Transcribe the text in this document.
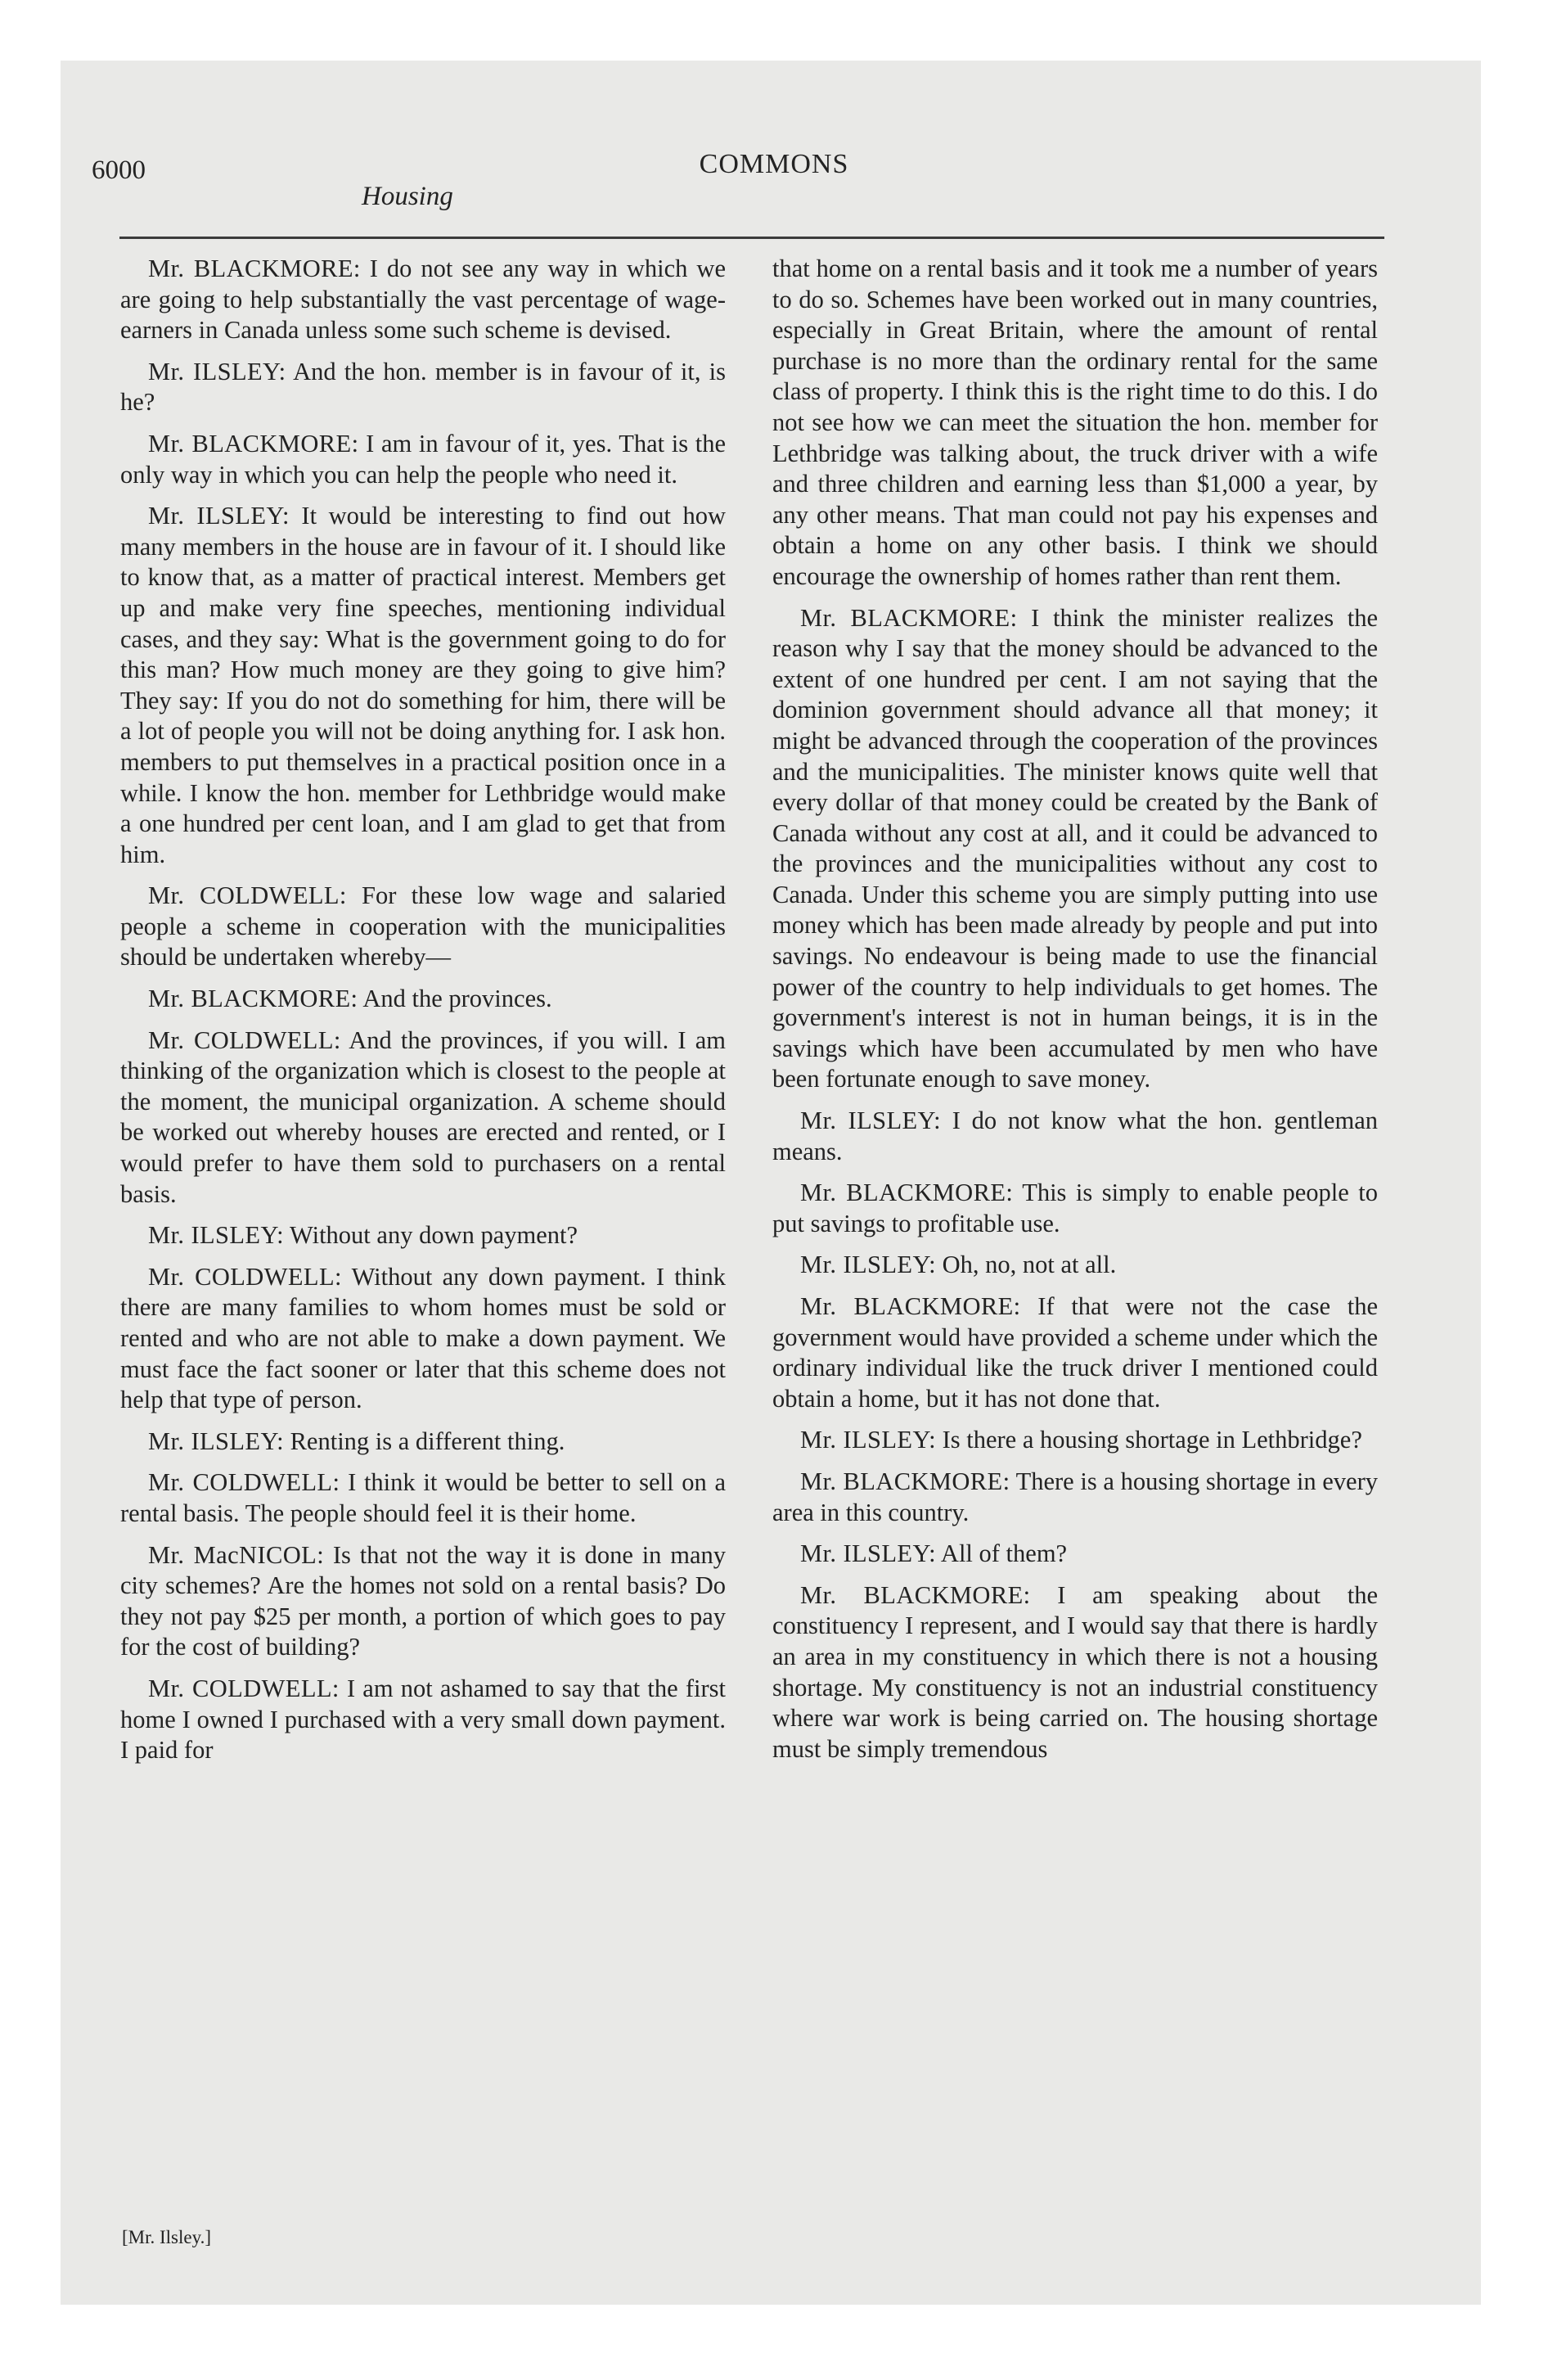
6000	COMMONS
Housing

Mr. BLACKMORE: I do not see any way in which we are going to help substantially the vast percentage of wage-earners in Canada unless some such scheme is devised.

Mr. ILSLEY: And the hon. member is in favour of it, is he?

Mr. BLACKMORE: I am in favour of it, yes. That is the only way in which you can help the people who need it.

Mr. ILSLEY: It would be interesting to find out how many members in the house are in favour of it. I should like to know that, as a matter of practical interest. Members get up and make very fine speeches, mentioning individual cases, and they say: What is the government going to do for this man? How much money are they going to give him? They say: If you do not do something for him, there will be a lot of people you will not be doing anything for. I ask hon. members to put themselves in a practical position once in a while. I know the hon. member for Lethbridge would make a one hundred per cent loan, and I am glad to get that from him.

Mr. COLDWELL: For these low wage and salaried people a scheme in cooperation with the municipalities should be undertaken whereby—

Mr. BLACKMORE: And the provinces.

Mr. COLDWELL: And the provinces, if you will. I am thinking of the organization which is closest to the people at the moment, the municipal organization. A scheme should be worked out whereby houses are erected and rented, or I would prefer to have them sold to purchasers on a rental basis.

Mr. ILSLEY: Without any down payment?

Mr. COLDWELL: Without any down payment. I think there are many families to whom homes must be sold or rented and who are not able to make a down payment. We must face the fact sooner or later that this scheme does not help that type of person.

Mr. ILSLEY: Renting is a different thing.

Mr. COLDWELL: I think it would be better to sell on a rental basis. The people should feel it is their home.

Mr. MacNICOL: Is that not the way it is done in many city schemes? Are the homes not sold on a rental basis? Do they not pay $25 per month, a portion of which goes to pay for the cost of building?

Mr. COLDWELL: I am not ashamed to say that the first home I owned I purchased with a very small down payment. I paid for

that home on a rental basis and it took me a number of years to do so. Schemes have been worked out in many countries, especially in Great Britain, where the amount of rental purchase is no more than the ordinary rental for the same class of property. I think this is the right time to do this. I do not see how we can meet the situation the hon. member for Lethbridge was talking about, the truck driver with a wife and three children and earning less than $1,000 a year, by any other means. That man could not pay his expenses and obtain a home on any other basis. I think we should encourage the ownership of homes rather than rent them.

Mr. BLACKMORE: I think the minister realizes the reason why I say that the money should be advanced to the extent of one hundred per cent. I am not saying that the dominion government should advance all that money; it might be advanced through the cooperation of the provinces and the municipalities. The minister knows quite well that every dollar of that money could be created by the Bank of Canada without any cost at all, and it could be advanced to the provinces and the municipalities without any cost to Canada. Under this scheme you are simply putting into use money which has been made already by people and put into savings. No endeavour is being made to use the financial power of the country to help individuals to get homes. The government's interest is not in human beings, it is in the savings which have been accumulated by men who have been fortunate enough to save money.

Mr. ILSLEY: I do not know what the hon. gentleman means.

Mr. BLACKMORE: This is simply to enable people to put savings to profitable use.

Mr. ILSLEY: Oh, no, not at all.

Mr. BLACKMORE: If that were not the case the government would have provided a scheme under which the ordinary individual like the truck driver I mentioned could obtain a home, but it has not done that.

Mr. ILSLEY: Is there a housing shortage in Lethbridge?

Mr. BLACKMORE: There is a housing shortage in every area in this country.

Mr. ILSLEY: All of them?

Mr. BLACKMORE: I am speaking about the constituency I represent, and I would say that there is hardly an area in my constituency in which there is not a housing shortage. My constituency is not an industrial constituency where war work is being carried on. The housing shortage must be simply tremendous

[Mr. Ilsley.]
